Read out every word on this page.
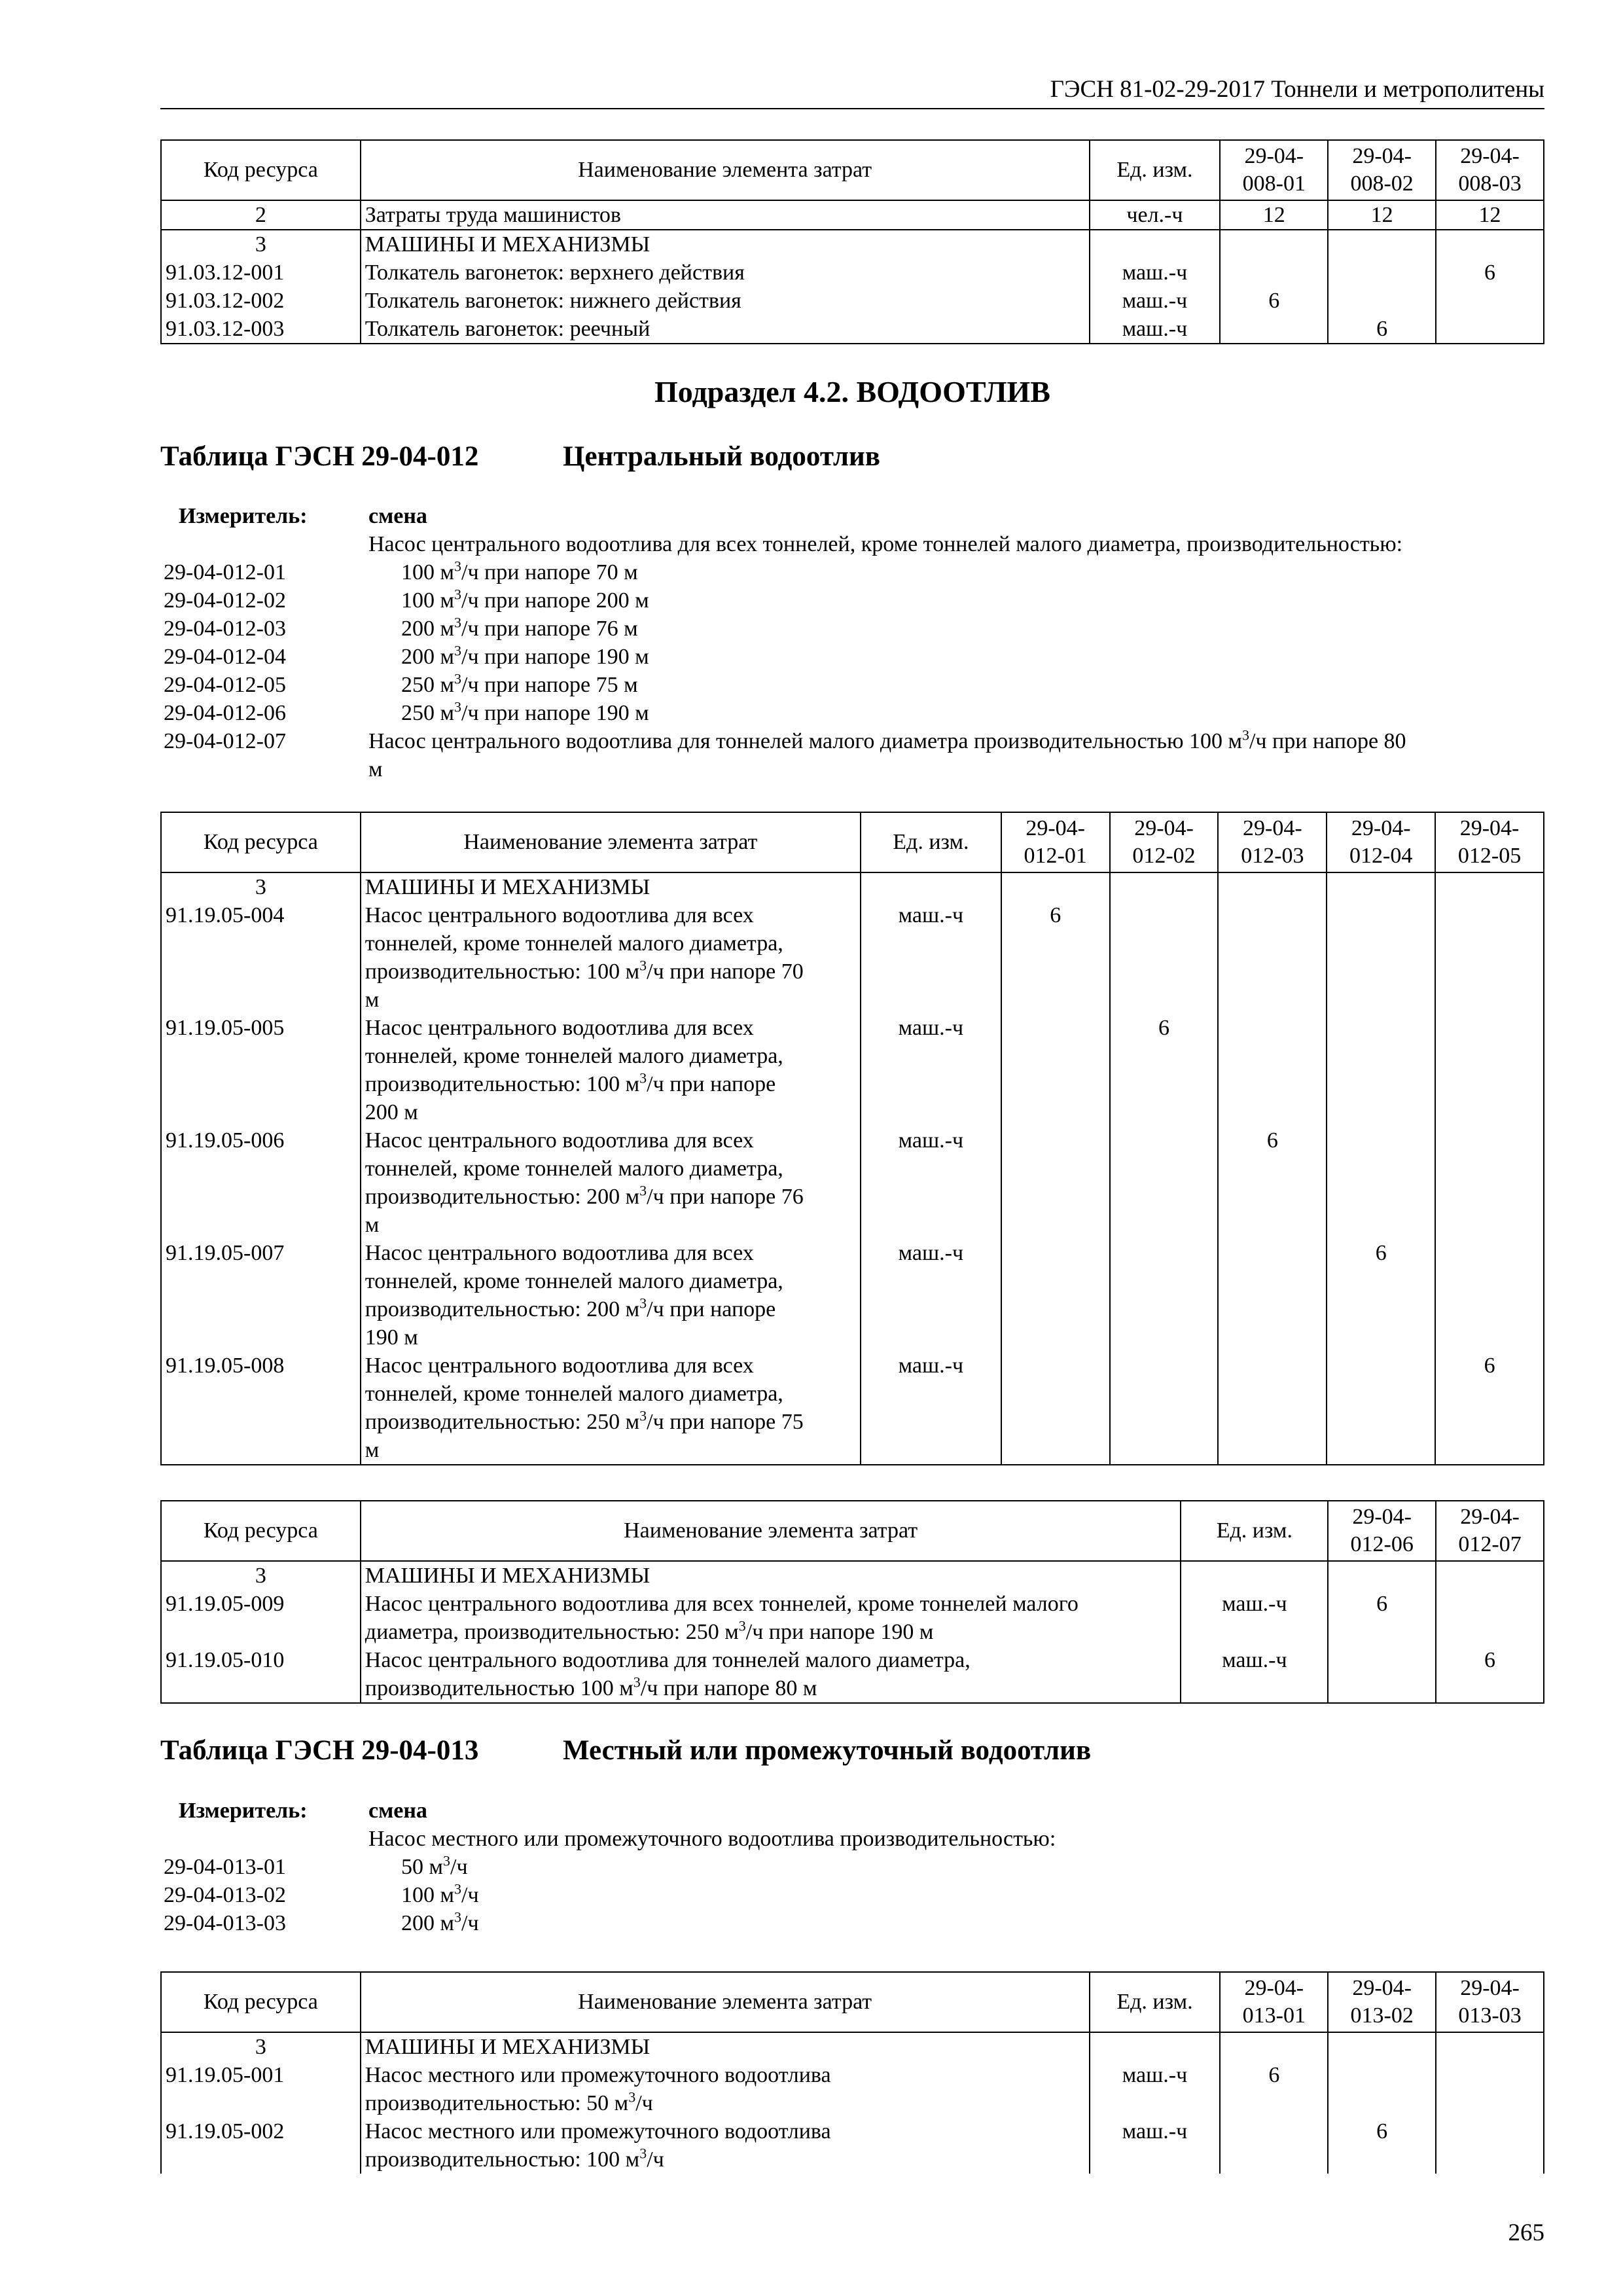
ГЭСН 81-02-29-2017 Тоннели и метрополитены
Код ресурса	Наименование элемента затрат	Ед. изм.	29-04-008-01	29-04-008-02	29-04-008-03
2	Затраты труда машинистов	чел.-ч	12	12	12
3	МАШИНЫ И МЕХАНИЗМЫ				
91.03.12-001	Толкатель вагонеток: верхнего действия	маш.-ч			6
91.03.12-002	Толкатель вагонеток: нижнего действия	маш.-ч	6		
91.03.12-003	Толкатель вагонеток: реечный	маш.-ч		6	
Подраздел 4.2. ВОДООТЛИВ
Таблица ГЭСН 29-04-012	Центральный водоотлив
Измеритель:	смена
Насос центрального водоотлива для всех тоннелей, кроме тоннелей малого диаметра, производительностью:
29-04-012-01	100 $м^3/ч$ при напоре 70 м
29-04-012-02	100 $м^3/ч$ при напоре 200 м
29-04-012-03	200 $м^3/ч$ при напоре 76 м
29-04-012-04	200 $м^3/ч$ при напоре 190 м
29-04-012-05	250 $м^3/ч$ при напоре 75 м
29-04-012-06	250 $м^3/ч$ при напоре 190 м
29-04-012-07	Насос центрального водоотлива для тоннелей малого диаметра производительностью 100 $м^3/ч$ при напоре 80
м
Код ресурса	Наименование элемента затрат	Ед. изм.	29-04-012-01	29-04-012-02	29-04-012-03	29-04-012-04	29-04-012-05
3	МАШИНЫ И МЕХАНИЗМЫ						
91.19.05-004	Насос центрального водоотлива для всех
тоннелей, кроме тоннелей малого диаметра,
производительностью: 100 $м^3/ч$ при напоре 70
м	маш.-ч	6				
91.19.05-005	Насос центрального водоотлива для всех
тоннелей, кроме тоннелей малого диаметра,
производительностью: 100 $м^3/ч$ при напоре
200 м	маш.-ч		6			
91.19.05-006	Насос центрального водоотлива для всех
тоннелей, кроме тоннелей малого диаметра,
производительностью: 200 $м^3/ч$ при напоре 76
м	маш.-ч			6		
91.19.05-007	Насос центрального водоотлива для всех
тоннелей, кроме тоннелей малого диаметра,
производительностью: 200 $м^3/ч$ при напоре
190 м	маш.-ч				6	
91.19.05-008	Насос центрального водоотлива для всех
тоннелей, кроме тоннелей малого диаметра,
производительностью: 250 $м^3/ч$ при напоре 75
м	маш.-ч					6
Код ресурса	Наименование элемента затрат	Ед. изм.	29-04-012-06	29-04-012-07
3	МАШИНЫ И МЕХАНИЗМЫ			
91.19.05-009	Насос центрального водоотлива для всех тоннелей, кроме тоннелей малого
диаметра, производительностью: 250 $м^3/ч$ при напоре 190 м	маш.-ч	6	
91.19.05-010	Насос центрального водоотлива для тоннелей малого диаметра,
производительностью 100 $м^3/ч$ при напоре 80 м	маш.-ч		6
Таблица ГЭСН 29-04-013	Местный или промежуточный водоотлив
Измеритель:	смена
Насос местного или промежуточного водоотлива производительностью:
29-04-013-01	50 $м^3/ч$
29-04-013-02	100 $м^3/ч$
29-04-013-03	200 $м^3/ч$
Код ресурса	Наименование элемента затрат	Ед. изм.	29-04-013-01	29-04-013-02	29-04-013-03
3	МАШИНЫ И МЕХАНИЗМЫ				
91.19.05-001	Насос местного или промежуточного водоотлива
производительностью: 50 $м^3/ч$	маш.-ч	6		
91.19.05-002	Насос местного или промежуточного водоотлива
производительностью: 100 $м^3/ч$	маш.-ч		6	
265
